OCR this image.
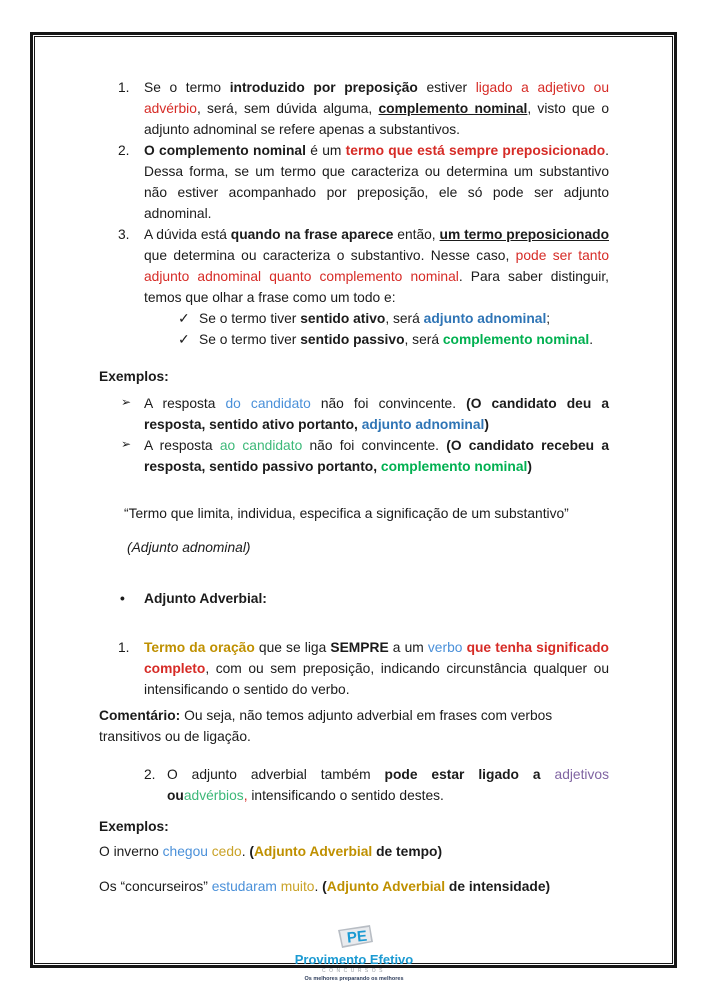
1. Se o termo introduzido por preposição estiver ligado a adjetivo ou advérbio, será, sem dúvida alguma, complemento nominal, visto que o adjunto adnominal se refere apenas a substantivos.
2. O complemento nominal é um termo que está sempre preposicionado. Dessa forma, se um termo que caracteriza ou determina um substantivo não estiver acompanhado por preposição, ele só pode ser adjunto adnominal.
3. A dúvida está quando na frase aparece então, um termo preposicionado que determina ou caracteriza o substantivo. Nesse caso, pode ser tanto adjunto adnominal quanto complemento nominal. Para saber distinguir, temos que olhar a frase como um todo e:
✓ Se o termo tiver sentido ativo, será adjunto adnominal;
✓ Se o termo tiver sentido passivo, será complemento nominal.
Exemplos:
➢ A resposta do candidato não foi convincente. (O candidato deu a resposta, sentido ativo portanto, adjunto adnominal)
➢ A resposta ao candidato não foi convincente. (O candidato recebeu a resposta, sentido passivo portanto, complemento nominal)
“Termo que limita, individua, especifica a significação de um substantivo”
(Adjunto adnominal)
• Adjunto Adverbial:
1. Termo da oração que se liga SEMPRE a um verbo que tenha significado completo, com ou sem preposição, indicando circunstância qualquer ou intensificando o sentido do verbo.
Comentário: Ou seja, não temos adjunto adverbial em frases com verbos transitivos ou de ligação.
2. O adjunto adverbial também pode estar ligado a adjetivos ouadvérbios, intensificando o sentido destes.
Exemplos:
O inverno chegou cedo. (Adjunto Adverbial de tempo)
Os “concurseiros” estudaram muito. (Adjunto Adverbial de intensidade)
PE
Provimento Efetivo
CONCURSOS
Os melhores preparando os melhores
